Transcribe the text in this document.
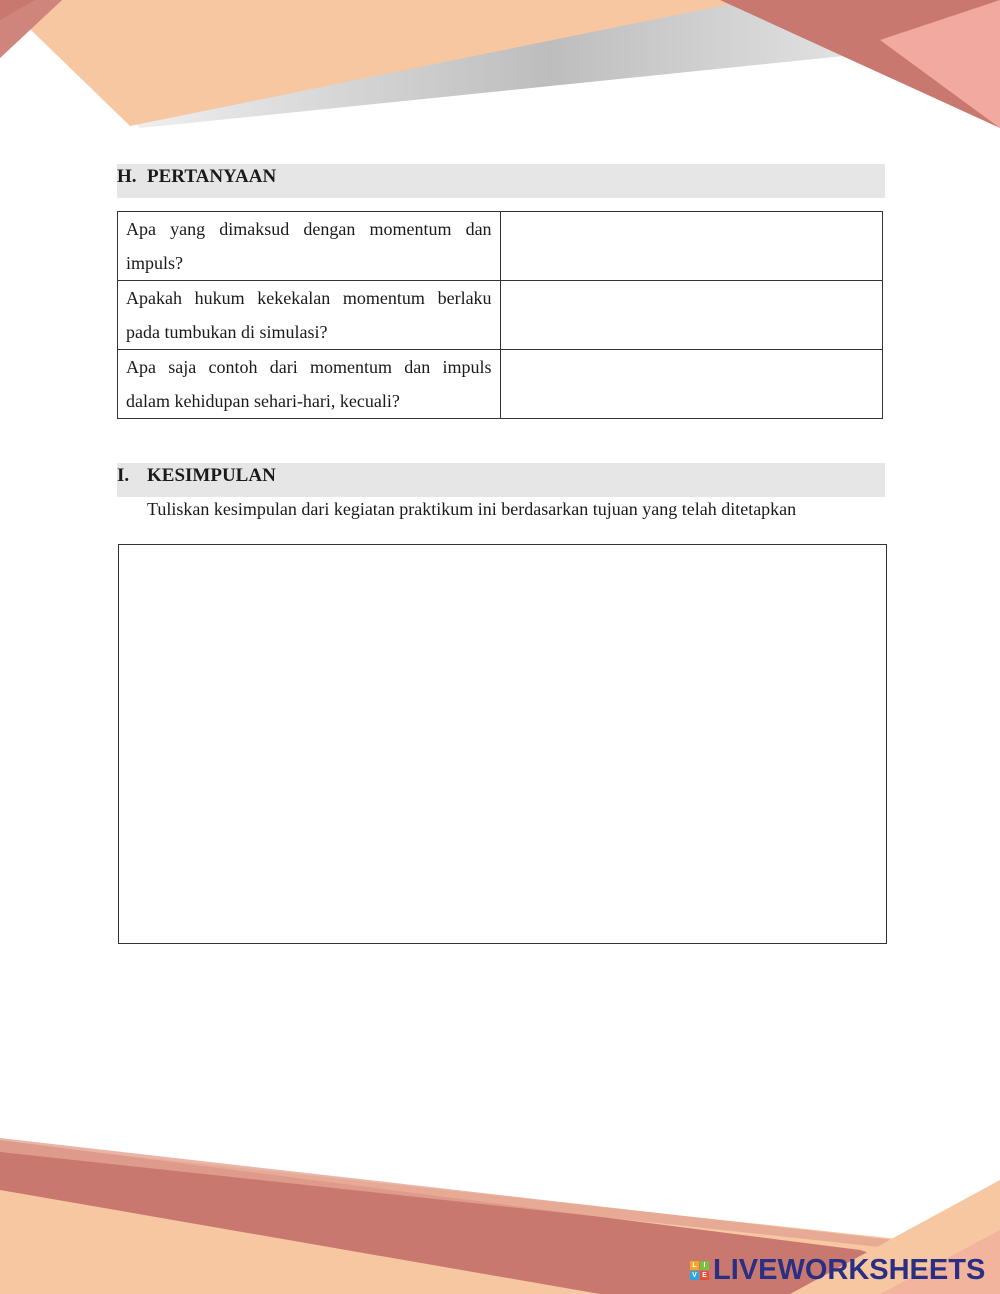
H. PERTANYAAN
Apa yang dimaksud dengan momentum dan impuls?	
Apakah hukum kekekalan momentum berlaku pada tumbukan di simulasi?	
Apa saja contoh dari momentum dan impuls dalam kehidupan sehari-hari, kecuali?	
I. KESIMPULAN
Tuliskan kesimpulan dari kegiatan praktikum ini berdasarkan tujuan yang telah ditetapkan
L I
V E LIVEWORKSHEETS
